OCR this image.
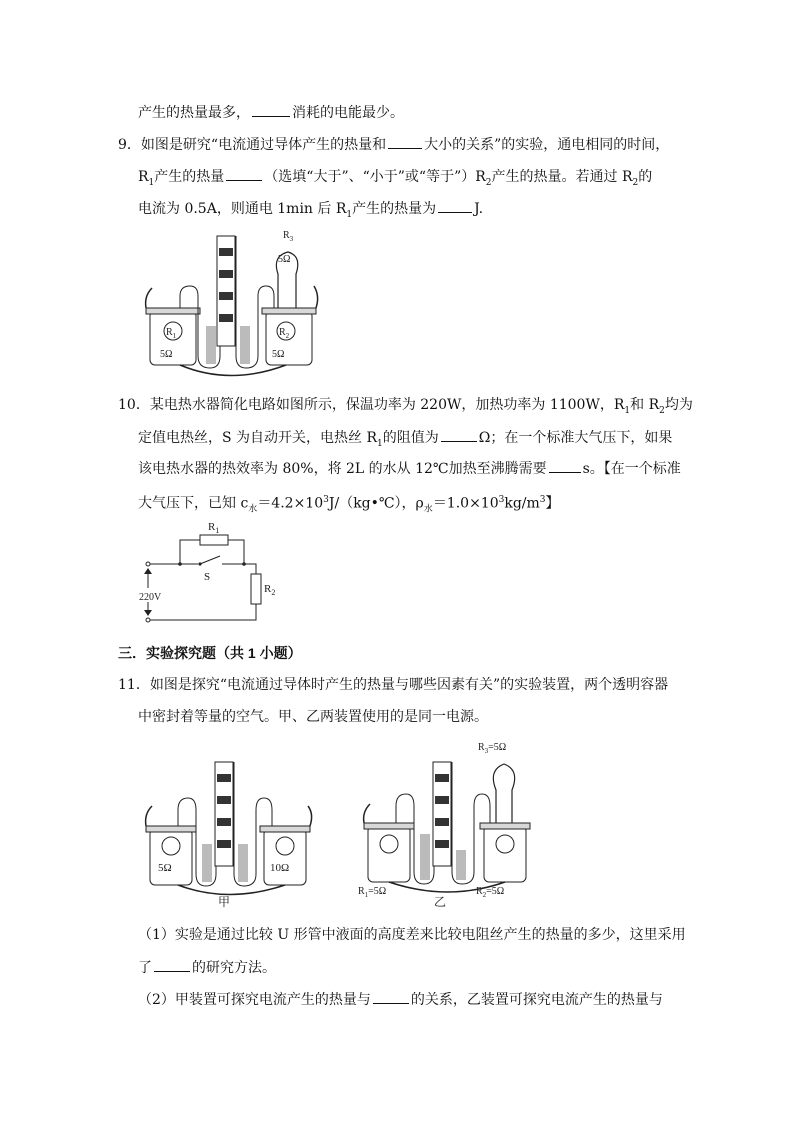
产生的热量最多，	消耗的电能最少。
9．如图是研究“电流通过导体产生的热量和	大小的关系”的实验，通电相同的时间，
$R_1$产生的热量	（选填“大于”、“小于”或“等于$”)R_2$产生的热量。若通过 $R_2$的
电流为 0.5A，则通电 1min 后 $R_1$产生的热量为	J.
$R_3$
5Ω
$R_1$
5Ω
$R_2$
5Ω
10．某电热水器简化电路如图所示，保温功率为 220W，加热功率为 1100W，$R_1$和 $R_2$均为
定值电热丝，S 为自动开关，电热丝 $R_1$的阻值为	Ω；在一个标准大气压下，如果
该电热水器的热效率为 80%，将 2L 的水从 12℃加热至沸腾需要	s。【在一个标准
大气压下，已知 $c_水=4.2\times 10^3J/(kg•℃)$，$\rho_水=1.0\times 10^3kg/m^3$】
$R_2$
$R_1$
S
220V
三．实验探究题（共 1 小题）
11．如图是探究“电流通过导体时产生的热量与哪些因素有关”的实验装置，两个透明容器
中密封着等量的空气。甲、乙两装置使用的是同一电源。
5Ω	10Ω
甲
$R_3=5\Omega$
$R_1=5\Omega$	$R_2=5\Omega$
乙
（1）实验是通过比较 U 形管中液面的高度差来比较电阻丝产生的热量的多少，这里采用
了	的研究方法。
（2）甲装置可探究电流产生的热量与	的关系，乙装置可探究电流产生的热量与
